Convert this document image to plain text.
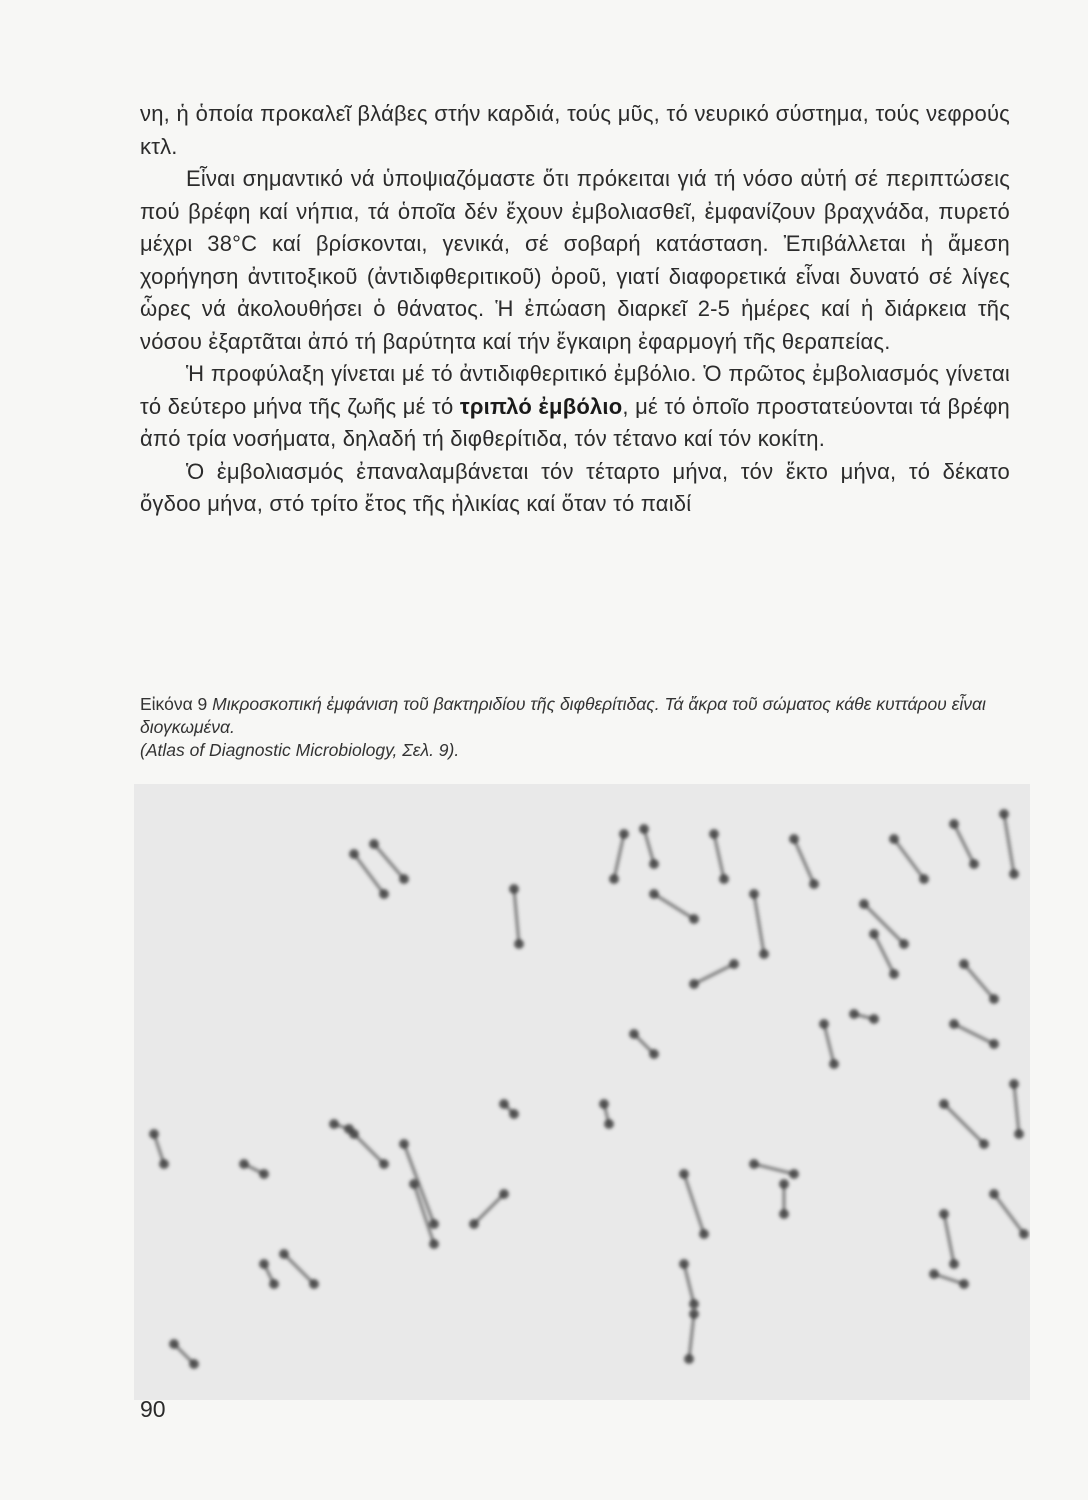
νη, ἡ ὁποία προκαλεῖ βλάβες στήν καρδιά, τούς μῦς, τό νευρικό σύστημα, τούς νεφρούς κτλ.

Εἶναι σημαντικό νά ὑποψιαζόμαστε ὅτι πρόκειται γιά τή νόσο αὐτή σέ περιπτώσεις πού βρέφη καί νήπια, τά ὁποῖα δέν ἔχουν ἐμβολιασθεῖ, ἐμφανίζουν βραχνάδα, πυρετό μέχρι 38°C καί βρίσκονται, γενικά, σέ σοβαρή κατάσταση. Ἐπιβάλλεται ἡ ἄμεση χορήγηση ἀντιτοξικοῦ (ἀντιδιφθεριτικοῦ) ὀροῦ, γιατί διαφορετικά εἶναι δυνατό σέ λίγες ὧρες νά ἀκολουθήσει ὁ θάνατος. Ἡ ἐπώαση διαρκεῖ 2-5 ἡμέρες καί ἡ διάρκεια τῆς νόσου ἐξαρτᾶται ἀπό τή βαρύτητα καί τήν ἔγκαιρη ἐφαρμογή τῆς θεραπείας.

Ἡ προφύλαξη γίνεται μέ τό ἀντιδιφθεριτικό ἐμβόλιο. Ὁ πρῶτος ἐμβολιασμός γίνεται τό δεύτερο μήνα τῆς ζωῆς μέ τό τριπλό ἐμβόλιο, μέ τό ὁποῖο προστατεύονται τά βρέφη ἀπό τρία νοσήματα, δηλαδή τή διφθερίτιδα, τόν τέτανο καί τόν κοκίτη.

Ὁ ἐμβολιασμός ἐπαναλαμβάνεται τόν τέταρτο μήνα, τόν ἕκτο μήνα, τό δέκατο ὄγδοο μήνα, στό τρίτο ἔτος τῆς ἡλικίας καί ὅταν τό παιδί

Εἰκόνα 9 Μικροσκοπική ἐμφάνιση τοῦ βακτηριδίου τῆς διφθερίτιδας. Τά ἄκρα τοῦ σώματος κάθε κυττάρου εἶναι διογκωμένα.
(Atlas of Diagnostic Microbiology, Σελ. 9).
90
